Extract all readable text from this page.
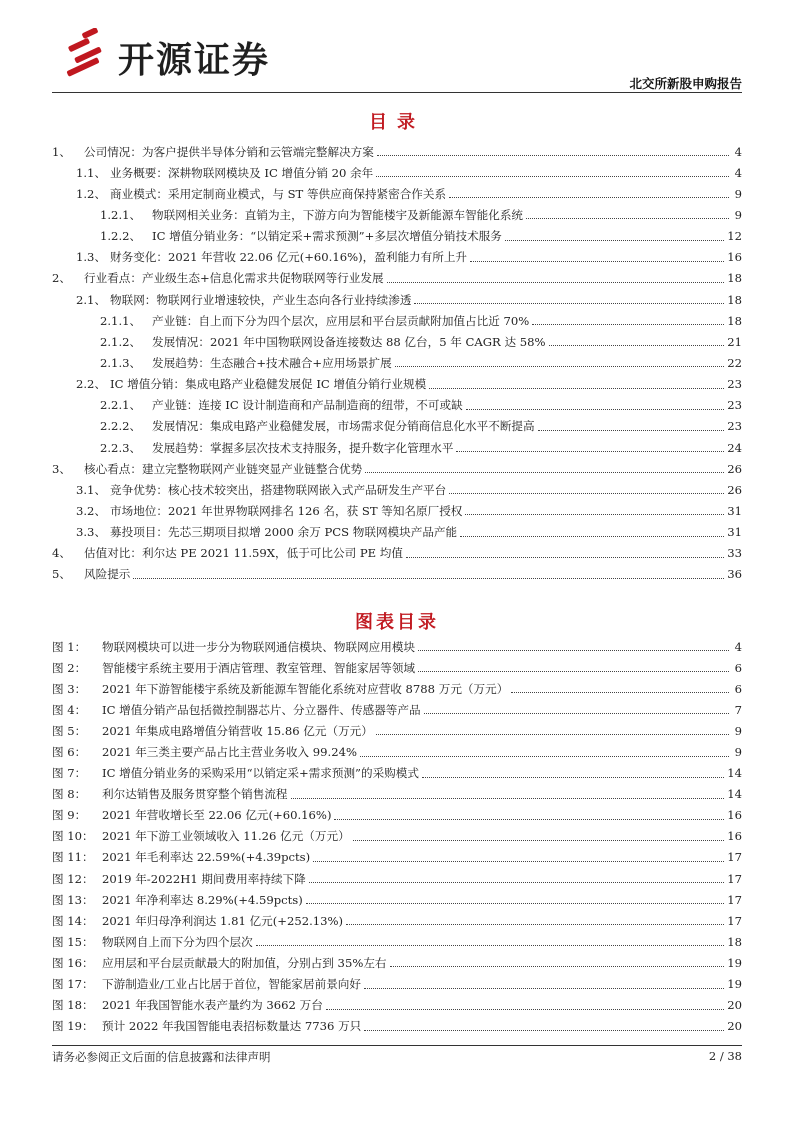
开源证券
北交所新股申购报告
目录
1、	公司情况：为客户提供半导体分销和云管端完整解决方案	4
1.1、 业务概要：深耕物联网模块及 IC 增值分销 20 余年	4
1.2、 商业模式：采用定制商业模式，与 ST 等供应商保持紧密合作关系	9
1.2.1、 物联网相关业务：直销为主，下游方向为智能楼宇及新能源车智能化系统	9
1.2.2、 IC 增值分销业务：“以销定采+需求预测”+多层次增值分销技术服务	12
1.3、 财务变化：2021 年营收 22.06 亿元(+60.16%)，盈利能力有所上升	16
2、	行业看点：产业级生态+信息化需求共促物联网等行业发展	18
2.1、 物联网：物联网行业增速较快，产业生态向各行业持续渗透	18
2.1.1、 产业链：自上而下分为四个层次，应用层和平台层贡献附加值占比近 70%	18
2.1.2、 发展情况：2021 年中国物联网设备连接数达 88 亿台，5 年 CAGR 达 58%	21
2.1.3、 发展趋势：生态融合+技术融合+应用场景扩展	22
2.2、 IC 增值分销：集成电路产业稳健发展促 IC 增值分销行业规模	23
2.2.1、 产业链：连接 IC 设计制造商和产品制造商的纽带，不可或缺	23
2.2.2、 发展情况：集成电路产业稳健发展，市场需求促分销商信息化水平不断提高	23
2.2.3、 发展趋势：掌握多层次技术支持服务，提升数字化管理水平	24
3、	核心看点：建立完整物联网产业链突显产业链整合优势	26
3.1、 竞争优势：核心技术较突出，搭建物联网嵌入式产品研发生产平台	26
3.2、 市场地位：2021 年世界物联网排名 126 名，获 ST 等知名原厂授权	31
3.3、 募投项目：先芯三期项目拟增 2000 余万 PCS 物联网模块产品产能	31
4、	估值对比：利尔达 PE 2021 11.59X，低于可比公司 PE 均值	33
5、	风险提示	36
图表目录
图 1：	物联网模块可以进一步分为物联网通信模块、物联网应用模块	4
图 2：	智能楼宇系统主要用于酒店管理、教室管理、智能家居等领域	6
图 3：	2021 年下游智能楼宇系统及新能源车智能化系统对应营收 8788 万元（万元）	6
图 4：	IC 增值分销产品包括微控制器芯片、分立器件、传感器等产品	7
图 5：	2021 年集成电路增值分销营收 15.86 亿元（万元）	9
图 6：	2021 年三类主要产品占比主营业务收入 99.24%	9
图 7：	IC 增值分销业务的采购采用“以销定采+需求预测”的采购模式	14
图 8：	利尔达销售及服务贯穿整个销售流程	14
图 9：	2021 年营收增长至 22.06 亿元(+60.16%)	16
图 10： 2021 年下游工业领域收入 11.26 亿元（万元）	16
图 11： 2021 年毛利率达 22.59%(+4.39pcts)	17
图 12： 2019 年-2022H1 期间费用率持续下降	17
图 13： 2021 年净利率达 8.29%(+4.59pcts)	17
图 14： 2021 年归母净利润达 1.81 亿元(+252.13%)	17
图 15： 物联网自上而下分为四个层次	18
图 16： 应用层和平台层贡献最大的附加值，分别占到 35%左右	19
图 17： 下游制造业/工业占比居于首位，智能家居前景向好	19
图 18： 2021 年我国智能水表产量约为 3662 万台	20
图 19： 预计 2022 年我国智能电表招标数量达 7736 万只	20
请务必参阅正文后面的信息披露和法律声明	2 / 38
